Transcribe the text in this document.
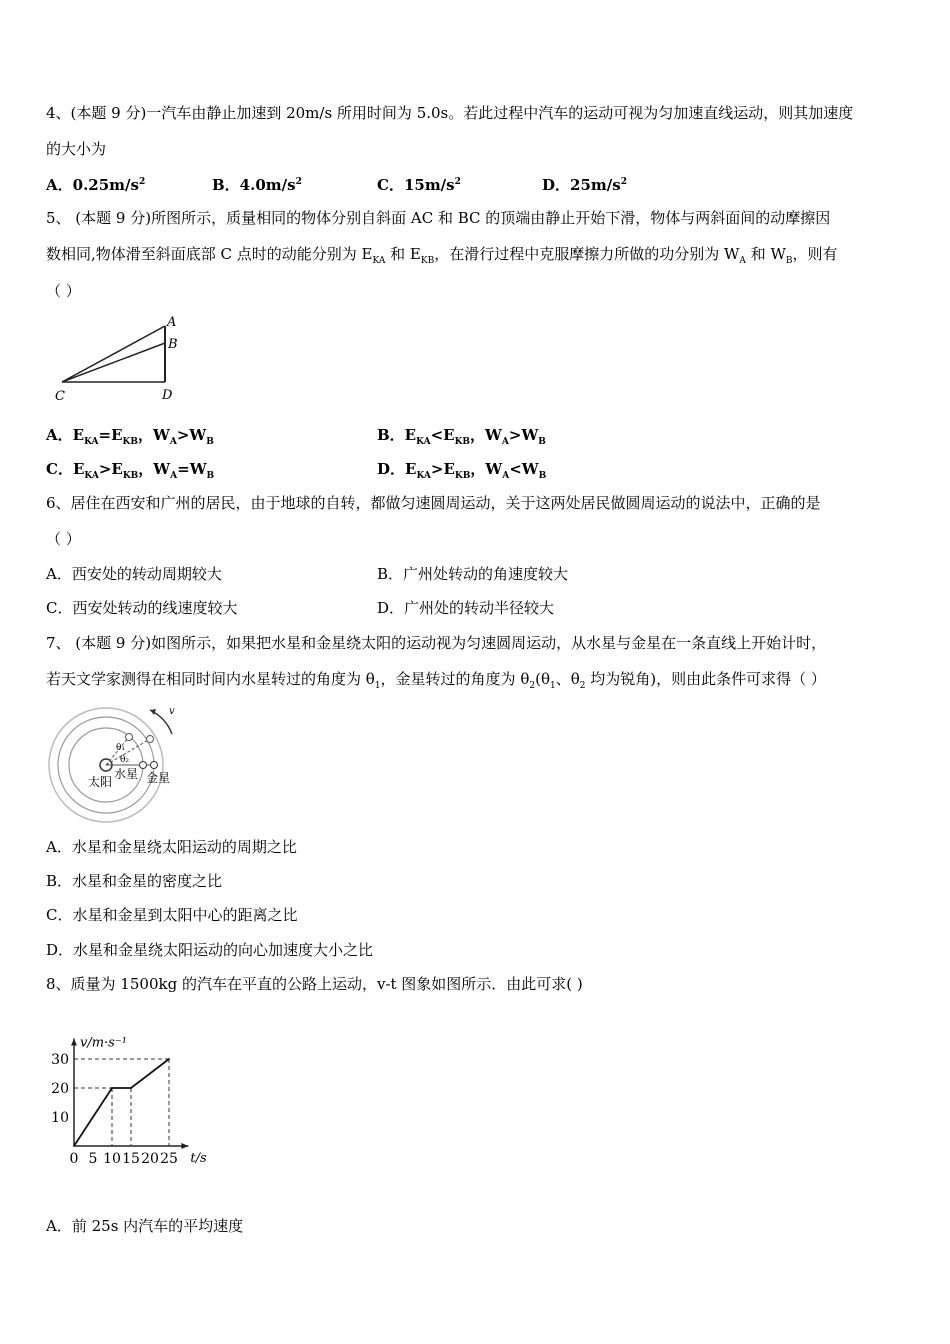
4、(本题 9 分)一汽车由静止加速到 20m/s 所用时间为 5.0s。若此过程中汽车的运动可视为匀加速直线运动，则其加速度
的大小为
A．$0.25m/s^2$	B．$4.0m/s^2$	C．$15m/s^2$	D．$25m/s^2$
5、 (本题 9 分)所图所示，质量相同的物体分别自斜面 AC 和 BC 的顶端由静止开始下滑，物体与两斜面间的动摩擦因
数相同,物体滑至斜面底部 C 点时的动能分别为 $E_{KA}$ 和 $E_{KB}$，在滑行过程中克服摩擦力所做的功分别为 $W_A$ 和 $W_B$，则有
（ ）
A
B
C	D
A．$E_{KA}=E_{KB}$，$W_A>W_B$	B．$E_{KA}<E_{KB}$，$W_A>W_B$
C．$E_{KA}>E_{KB}$，$W_A=W_B$	D．$E_{KA}>E_{KB}$，$W_A<W_B$
6、居住在西安和广州的居民，由于地球的自转，都做匀速圆周运动，关于这两处居民做圆周运动的说法中，正确的是
（ ）
A．西安处的转动周期较大	B．广州处转动的角速度较大
C．西安处转动的线速度较大	D．广州处的转动半径较大
7、 (本题 9 分)如图所示，如果把水星和金星绕太阳的运动视为匀速圆周运动，从水星与金星在一条直线上开始计时，
若天文学家测得在相同时间内水星转过的角度为 $\theta_1$，金星转过的角度为 $\theta_2(\theta_1$、$\theta_2$ 均为锐角)，则由此条件可求得（ ）
v
θ₁
θ₂
太阳
水星 金星
A．水星和金星绕太阳运动的周期之比
B．水星和金星的密度之比
C．水星和金星到太阳中心的距离之比
D．水星和金星绕太阳运动的向心加速度大小之比
8、质量为 1500kg 的汽车在平直的公路上运动，v-t 图象如图所示．由此可求( )
v/m·s⁻¹
t/s
0 5 10 15 20 25
10
20
30
A．前 25s 内汽车的平均速度
